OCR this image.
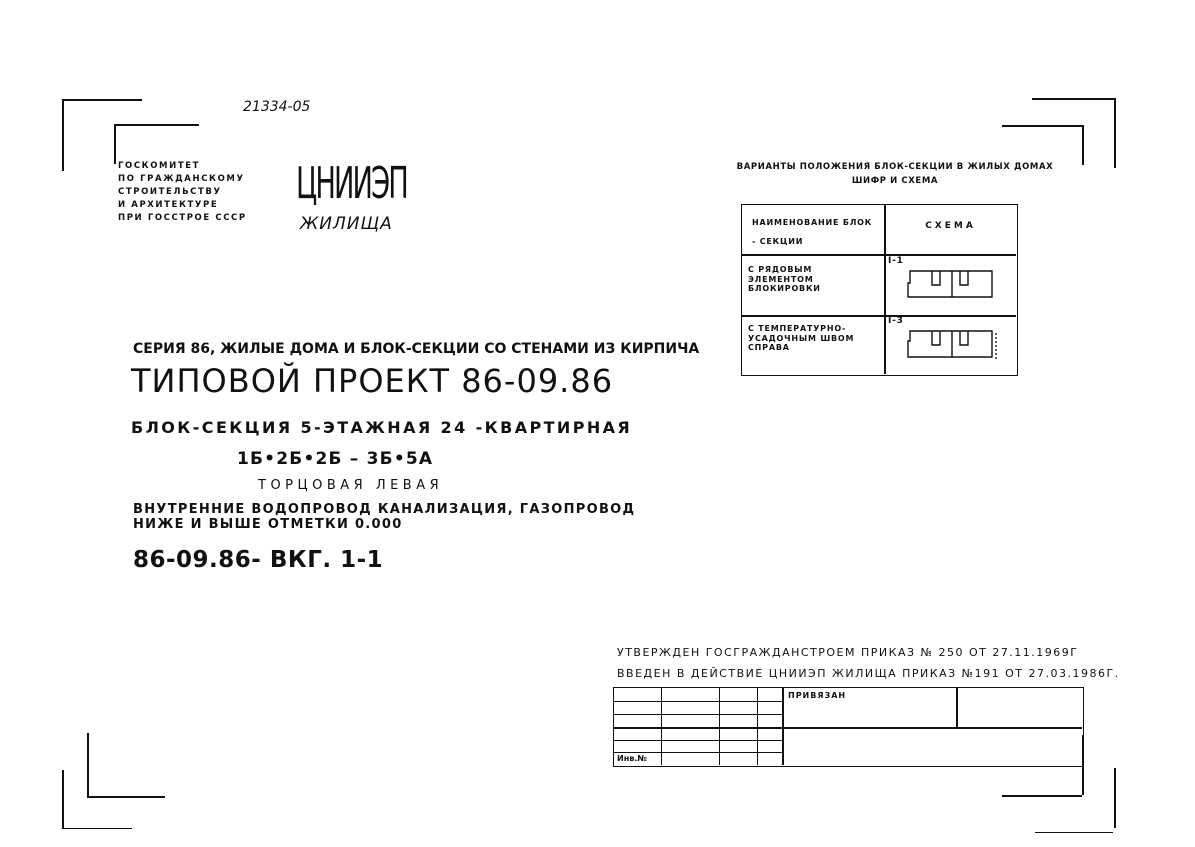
21334-05
ГОСКОМИТЕТ
ПО ГРАЖДАНСКОМУ
СТРОИТЕЛЬСТВУ
И АРХИТЕКТУРЕ
ПРИ ГОССТРОЕ СССР
ЦНИИЭП
ЖИЛИЩА
СЕРИЯ 86, ЖИЛЫЕ ДОМА И БЛОК-СЕКЦИИ СО СТЕНАМИ ИЗ КИРПИЧА
ТИПОВОЙ ПРОЕКТ 86-09.86
БЛОК-СЕКЦИЯ 5-ЭТАЖНАЯ 24 -КВАРТИРНАЯ
1Б•2Б•2Б – 3Б•5А
ТОРЦОВАЯ ЛЕВАЯ
ВНУТРЕННИЕ ВОДОПРОВОД КАНАЛИЗАЦИЯ, ГАЗОПРОВОД
НИЖЕ И ВЫШЕ ОТМЕТКИ 0.000
86-09.86- ВКГ. 1-1
ВАРИАНТЫ ПОЛОЖЕНИЯ БЛОК-СЕКЦИИ В ЖИЛЫХ ДОМАХ
ШИФР И СХЕМА
НАИМЕНОВАНИЕ БЛОК - СЕКЦИИ
СХЕМА
С РЯДОВЫМ ЭЛЕМЕНТОМ БЛОКИРОВКИ
I-1
С ТЕМПЕРАТУРНО-УСАДОЧНЫМ ШВОМ СПРАВА
I-3
УТВЕРЖДЕН ГОСГРАЖДАНСТРОЕМ ПРИКАЗ № 250 ОТ 27.11.1969Г
ВВЕДЕН В ДЕЙСТВИЕ ЦНИИЭП ЖИЛИЩА ПРИКАЗ №191 ОТ 27.03.1986Г.
ПРИВЯЗАН
Инв.№
